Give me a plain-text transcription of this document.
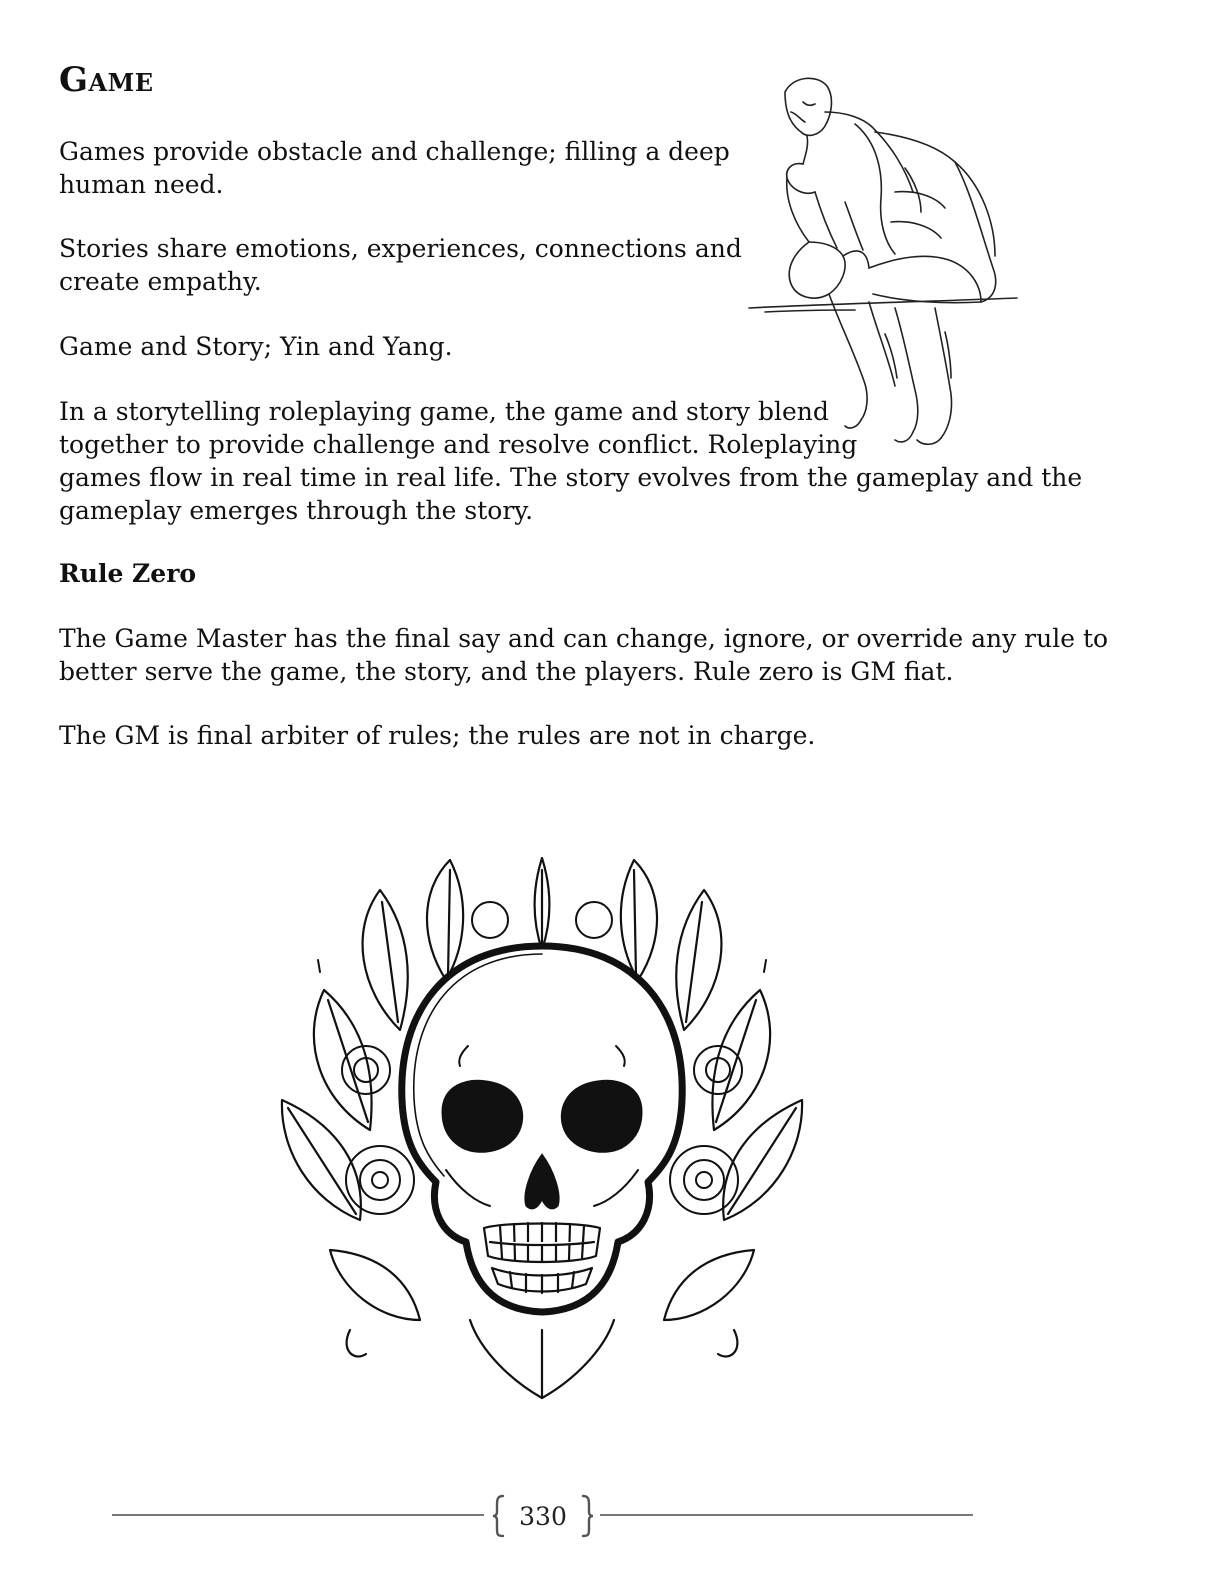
Game

Games provide obstacle and challenge; filling a deep
human need.

Stories share emotions, experiences, connections and
create empathy.

Game and Story; Yin and Yang.

In a storytelling roleplaying game, the game and story blend
together to provide challenge and resolve conflict. Roleplaying
games flow in real time in real life. The story evolves from the gameplay and the
gameplay emerges through the story.

Rule Zero

The Game Master has the final say and can change, ignore, or override any rule to
better serve the game, the story, and the players. Rule zero is GM fiat.

The GM is final arbiter of rules; the rules are not in charge.

330
